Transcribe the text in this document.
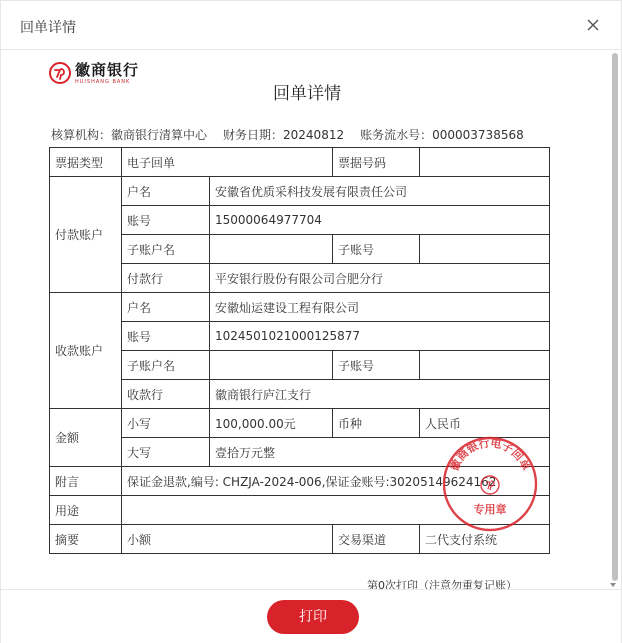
回单详情
徽商银行
HUISHANG BANK
回单详情
核算机构：徽商银行清算中心 财务日期：20240812 账务流水号：000003738568
票据类型	电子回单		票据号码	
付款账户	户名	安徽省优质采科技发展有限责任公司		
	账号	15000064977704		
	子账户名		子账号	
	付款行	平安银行股份有限公司合肥分行		
收款账户	户名	安徽灿运建设工程有限公司		
	账号	1024501021000125877		
	子账户名		子账号	
	收款行	徽商银行庐江支行		
金额	小写	100,000.00元	币种	人民币
	大写	壹拾万元整		
附言	保证金退款,编号: CHZJA-2024-006,保证金账号:30205149624162			
用途				
摘要	小额		交易渠道	二代支付系统
徽商银行电子回单
专用章
第0次打印（注意勿重复记账）
打印
